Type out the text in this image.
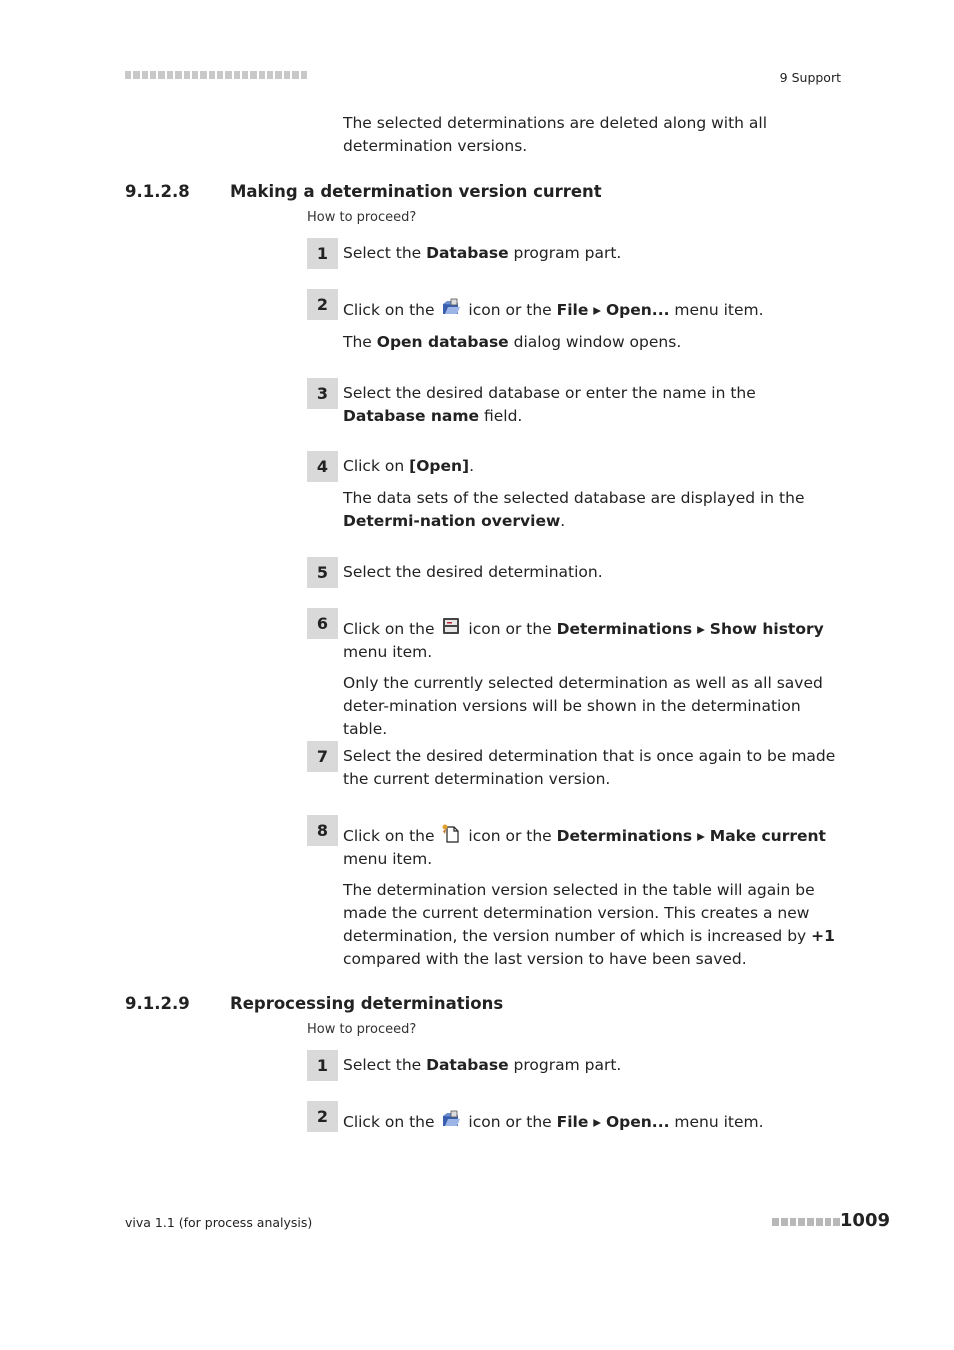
9 Support
The selected determinations are deleted along with all determination versions.
9.1.2.8 Making a determination version current
How to proceed?
1 Select the Database program part.
2 Click on the  icon or the File ▸ Open... menu item.
The Open database dialog window opens.
3 Select the desired database or enter the name in the Database name field.
4 Click on [Open].
The data sets of the selected database are displayed in the Determi-nation overview.
5 Select the desired determination.
6 Click on the  icon or the Determinations ▸ Show history menu item.
Only the currently selected determination as well as all saved deter-mination versions will be shown in the determination table.
7 Select the desired determination that is once again to be made the current determination version.
8 Click on the  icon or the Determinations ▸ Make current menu item.
The determination version selected in the table will again be made the current determination version. This creates a new determination, the version number of which is increased by +1 compared with the last version to have been saved.
9.1.2.9 Reprocessing determinations
How to proceed?
1 Select the Database program part.
2 Click on the  icon or the File ▸ Open... menu item.
viva 1.1 (for process analysis)	1009
